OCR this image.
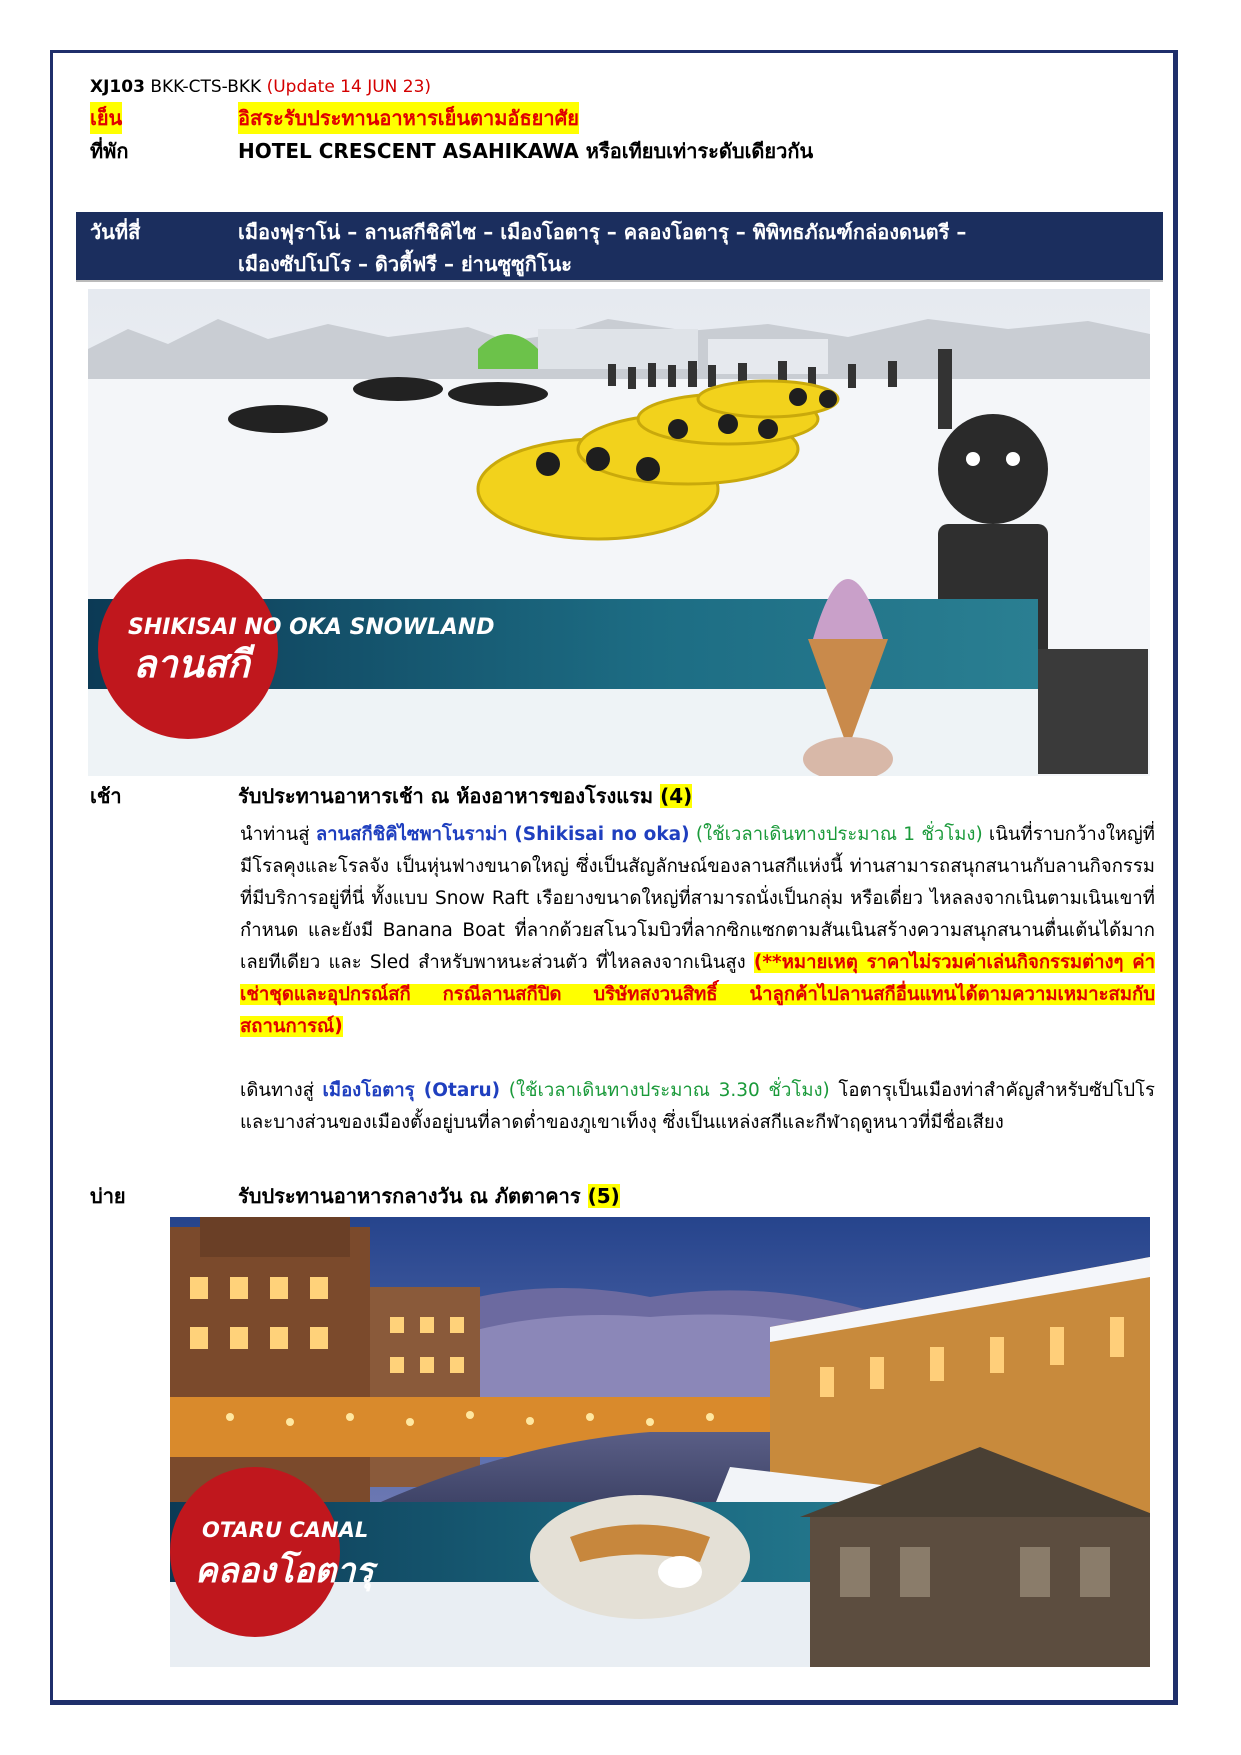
XJ103 BKK-CTS-BKK (Update 14 JUN 23)
เย็น	อิสระรับประทานอาหารเย็นตามอัธยาศัย
ที่พัก	HOTEL CRESCENT ASAHIKAWA หรือเทียบเท่าระดับเดียวกัน
วันที่สี่	เมืองฟุราโน่ – ลานสกีชิคิไซ – เมืองโอตารุ – คลองโอตารุ – พิพิทธภัณฑ์กล่องดนตรี –
เมืองซัปโปโร – ดิวตี้ฟรี – ย่านซูซูกิโนะ
SHIKISAI NO OKA SNOWLAND
ลานสกี
เช้า	รับประทานอาหารเช้า ณ ห้องอาหารของโรงแรม (4)
นำท่านสู่ ลานสกีชิคิไซพาโนราม่า (Shikisai no oka) (ใช้เวลาเดินทางประมาณ 1 ชั่วโมง) เนินที่ราบกว้างใหญ่ที่มีโรลคุงและโรลจัง เป็นหุ่นฟางขนาดใหญ่ ซึ่งเป็นสัญลักษณ์ของลานสกีแห่งนี้ ท่านสามารถสนุกสนานกับลานกิจกรรมที่มีบริการอยู่ที่นี่ ทั้งแบบ Snow Raft เรือยางขนาดใหญ่ที่สามารถนั่งเป็นกลุ่ม หรือเดี่ยว ไหลลงจากเนินตามเนินเขาที่กำหนด และยังมี Banana Boat ที่ลากด้วยสโนวโมบิวที่ลากซิกแซกตามสันเนินสร้างความสนุกสนานตื่นเต้นได้มากเลยทีเดียว และ Sled สำหรับพาหนะส่วนตัว ที่ไหลลงจากเนินสูง (**หมายเหตุ ราคาไม่รวมค่าเล่นกิจกรรมต่างๆ ค่าเช่าชุดและอุปกรณ์สกี กรณีลานสกีปิด บริษัทสงวนสิทธิ์ นำลูกค้าไปลานสกีอื่นแทนได้ตามความเหมาะสมกับสถานการณ์)
เดินทางสู่ เมืองโอตารุ (Otaru) (ใช้เวลาเดินทางประมาณ 3.30 ชั่วโมง) โอตารุเป็นเมืองท่าสำคัญสำหรับซัปโปโร และบางส่วนของเมืองตั้งอยู่บนที่ลาดต่ำของภูเขาเท็งงุ ซึ่งเป็นแหล่งสกีและกีฬาฤดูหนาวที่มีชื่อเสียง
บ่าย	รับประทานอาหารกลางวัน ณ ภัตตาคาร (5)
OTARU CANAL
คลองโอตารุ
